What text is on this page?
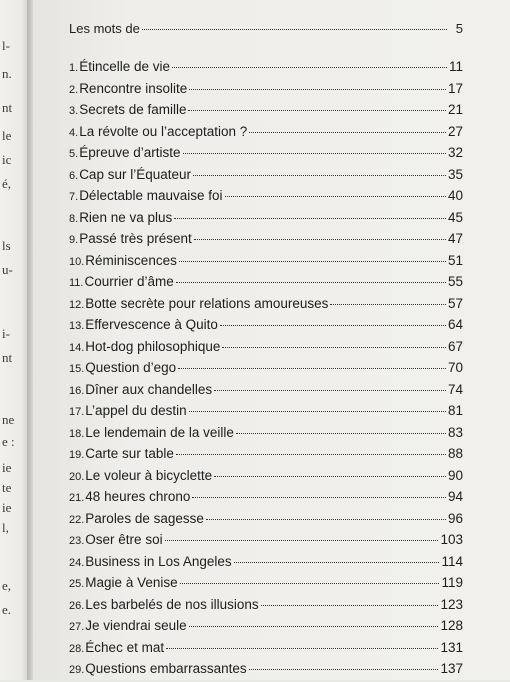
l-
n.
nt
le
ic
é,
ls
u-
i-
nt
ne
e :
ie
te
ie
l,
e,
e.
Les mots de	5
1. Étincelle de vie	11
2. Rencontre insolite	17
3. Secrets de famille	21
4. La révolte ou l’acceptation ?	27
5. Épreuve d’artiste	32
6. Cap sur l’Équateur	35
7. Délectable mauvaise foi	40
8. Rien ne va plus	45
9. Passé très présent	47
10. Réminiscences	51
11. Courrier d’âme	55
12. Botte secrète pour relations amoureuses	57
13. Effervescence à Quito	64
14. Hot-dog philosophique	67
15. Question d’ego	70
16. Dîner aux chandelles	74
17. L’appel du destin	81
18. Le lendemain de la veille	83
19. Carte sur table	88
20. Le voleur à bicyclette	90
21. 48 heures chrono	94
22. Paroles de sagesse	96
23. Oser être soi	103
24. Business in Los Angeles	114
25. Magie à Venise	119
26. Les barbelés de nos illusions	123
27. Je viendrai seule	128
28. Échec et mat	131
29. Questions embarrassantes	137
